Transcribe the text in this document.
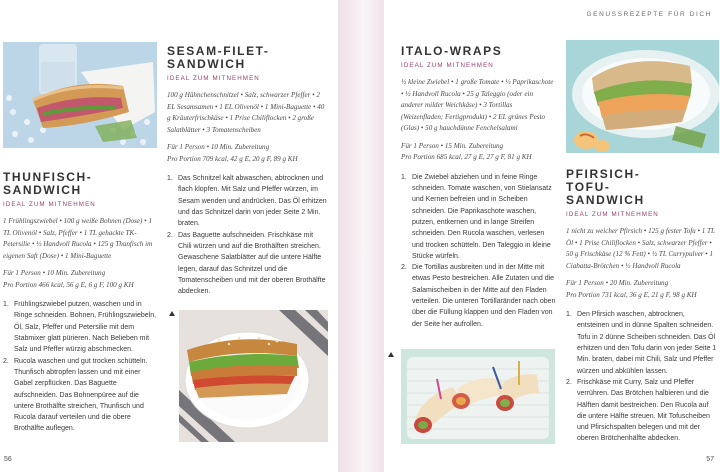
GENUSSREZEPTE FÜR DICH
THUNFISCH-SANDWICH
IDEAL ZUM MITNEHMEN
1 Frühlingszwiebel • 100 g weiße Bohnen (Dose) • 1 TL Olivenöl • Salz, Pfeffer • 1 TL gehackte TK-Petersilie • ½ Handvoll Rucola • 125 g Thunfisch im eigenen Saft (Dose) • 1 Mini-Baguette
Für 1 Person • 10 Min. Zubereitung
Pro Portion 466 kcal, 56 g E, 6 g F, 100 g KH
1. Frühlingszwiebel putzen, waschen und in Ringe schneiden. Bohnen, Frühlingszwiebeln, Öl, Salz, Pfeffer und Petersilie mit dem Stabmixer glatt pürieren. Nach Belieben mit Salz und Pfeffer würzig abschmecken.
2. Rucola waschen und gut trocken schütteln. Thunfisch abtropfen lassen und mit einer Gabel zerpflücken. Das Baguette aufschneiden. Das Bohnenpüree auf die untere Brothälfte streichen, Thunfisch und Rucola darauf verteilen und die obere Brothälfte auflegen.
SESAM-FILET-SANDWICH
IDEAL ZUM MITNEHMEN
100 g Hähnchenschnitzel • Salz, schwarzer Pfeffer • 2 EL Sesamsamen • 1 EL Olivenöl • 1 Mini-Baguette • 40 g Kräuterfrischkäse • 1 Prise Chiliflocken • 2 große Salatblätter • 3 Tomatenscheiben
Für 1 Person • 10 Min. Zubereitung
Pro Portion 709 kcal, 42 g E, 20 g F, 89 g KH
1. Das Schnitzel kalt abwaschen, abtrocknen und flach klopfen. Mit Salz und Pfeffer würzen, im Sesam wenden und andrücken. Das Öl erhitzen und das Schnitzel darin von jeder Seite 2 Min. braten.
2. Das Baguette aufschneiden. Frischkäse mit Chili würzen und auf die Brothälften streichen. Gewaschene Salatblätter auf die untere Hälfte legen, darauf das Schnitzel und die Tomatenscheiben und mit der oberen Brothälfte abdecken.
56
ITALO-WRAPS
IDEAL ZUM MITNEHMEN
½ kleine Zwiebel • 1 große Tomate • ½ Paprikaschote • ½ Handvoll Rucola • 25 g Taleggio (oder ein anderer milder Weichkäse) • 3 Tortillas (Weizenfladen; Fertigprodukt) • 2 EL grünes Pesto (Glas) • 50 g hauchdünne Fenchelsalami
Für 1 Person • 15 Min. Zubereitung
Pro Portion 685 kcal, 27 g E, 27 g F, 81 g KH
1. Die Zwiebel abziehen und in feine Ringe schneiden. Tomate waschen, von Stielansatz und Kernen befreien und in Scheiben schneiden. Die Paprikaschote waschen, putzen, entkernen und in lange Streifen schneiden. Den Rucola waschen, verlesen und trocken schütteln. Den Taleggio in kleine Stücke würfeln.
2. Die Tortillas ausbreiten und in der Mitte mit etwas Pesto bestreichen. Alle Zutaten und die Salamischeiben in der Mitte auf den Fladen verteilen. Die unteren Tortillaränder nach oben über die Füllung klappen und den Fladen von der Seite her aufrollen.
PFIRSICH-TOFU-SANDWICH
IDEAL ZUM MITNEHMEN
1 nicht zu weicher Pfirsich • 125 g fester Tofu • 1 TL Öl • 1 Prise Chiliflocken • Salz, schwarzer Pfeffer • 50 g Frischkäse (12 % Fett) • ½ TL Currypulver • 1 Ciabatta-Brötchen • ½ Handvoll Rucola
Für 1 Person • 20 Min. Zubereitung
Pro Portion 731 kcal, 36 g E, 21 g F, 98 g KH
1. Den Pfirsich waschen, abtrocknen, entsteinen und in dünne Spalten schneiden. Tofu in 2 dünne Scheiben schneiden. Das Öl erhitzen und den Tofu darin von jeder Seite 1 Min. braten, dabei mit Chili, Salz und Pfeffer würzen und abkühlen lassen.
2. Frischkäse mit Curry, Salz und Pfeffer verrühren. Das Brötchen halbieren und die Hälften damit bestreichen. Den Rucola auf die untere Hälfte streuen. Mit Tofuscheiben und Pfirsichspalten belegen und mit der oberen Brötchenhälfte abdecken.
57
